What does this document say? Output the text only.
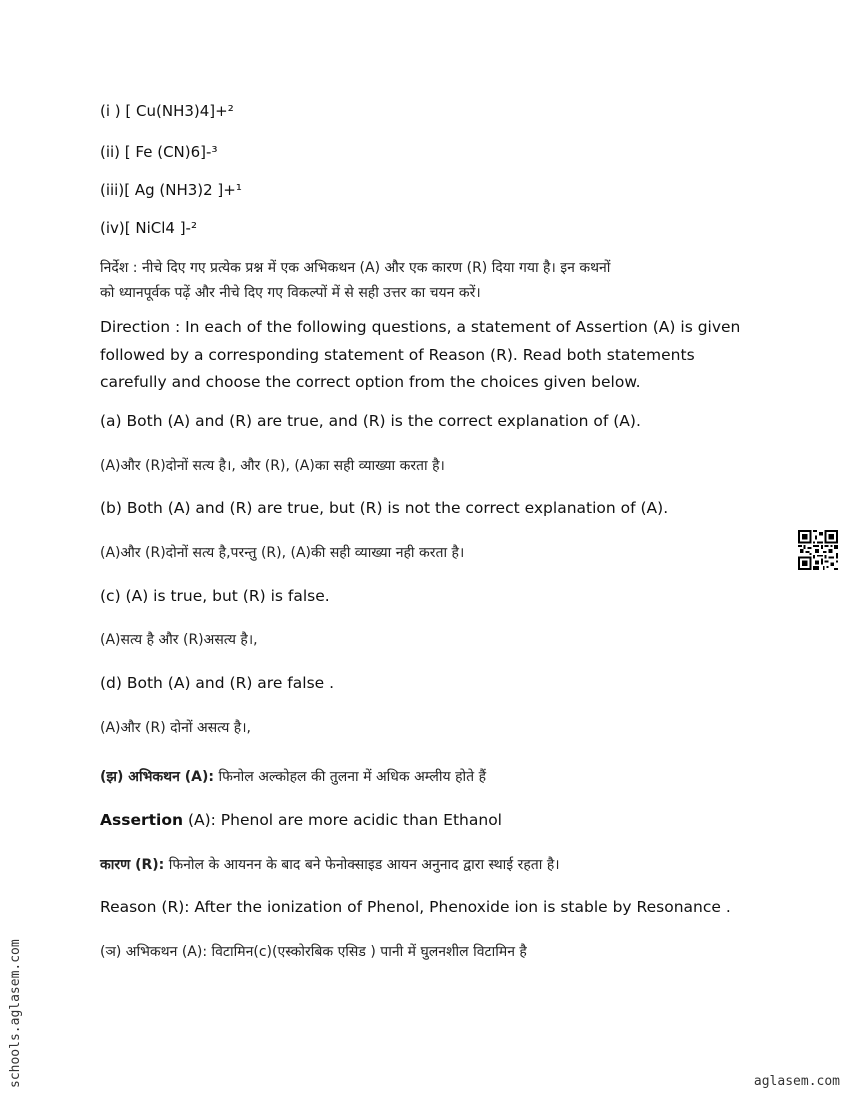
(i ) [ Cu(NH3)4]+²
(ii) [ Fe (CN)6]-³
(iii)[ Ag (NH3)2 ]+¹
(iv)[ NiCl4 ]-²
निर्देश : नीचे दिए गए प्रत्येक प्रश्न में एक अभिकथन (A) और एक कारण (R) दिया गया है। इन कथनों
को ध्यानपूर्वक पढ़ें और नीचे दिए गए विकल्पों में से सही उत्तर का चयन करें।
Direction : In each of the following questions, a statement of Assertion (A) is given
followed by a corresponding statement of Reason (R). Read both statements
carefully and choose the correct option from the choices given below.
(a) Both (A) and (R) are true, and (R) is the correct explanation of (A).
(A)और (R)दोनों सत्य है।, और (R), (A)का सही व्याख्या करता है।
(b) Both (A) and (R) are true, but (R) is not the correct explanation of (A).
(A)और (R)दोनों सत्य है,परन्तु (R), (A)की सही व्याख्या नही करता है।
(c) (A) is true, but (R) is false.
(A)सत्य है और (R)असत्य है।,
(d) Both (A) and (R) are false .
(A)और (R) दोनों असत्य है।,
(झ) अभिकथन (A): फिनोल अल्कोहल की तुलना में अधिक अम्लीय होते हैं
Assertion (A): Phenol are more acidic than Ethanol
कारण (R): फिनोल के आयनन के बाद बने फेनोक्साइड आयन अनुनाद द्वारा स्थाई रहता है।
Reason (R): After the ionization of Phenol, Phenoxide ion is stable by Resonance .
(ञ) अभिकथन (A): विटामिन(c)(एस्कोरबिक एसिड ) पानी में घुलनशील विटामिन है
schools.aglasem.com	aglasem.com
